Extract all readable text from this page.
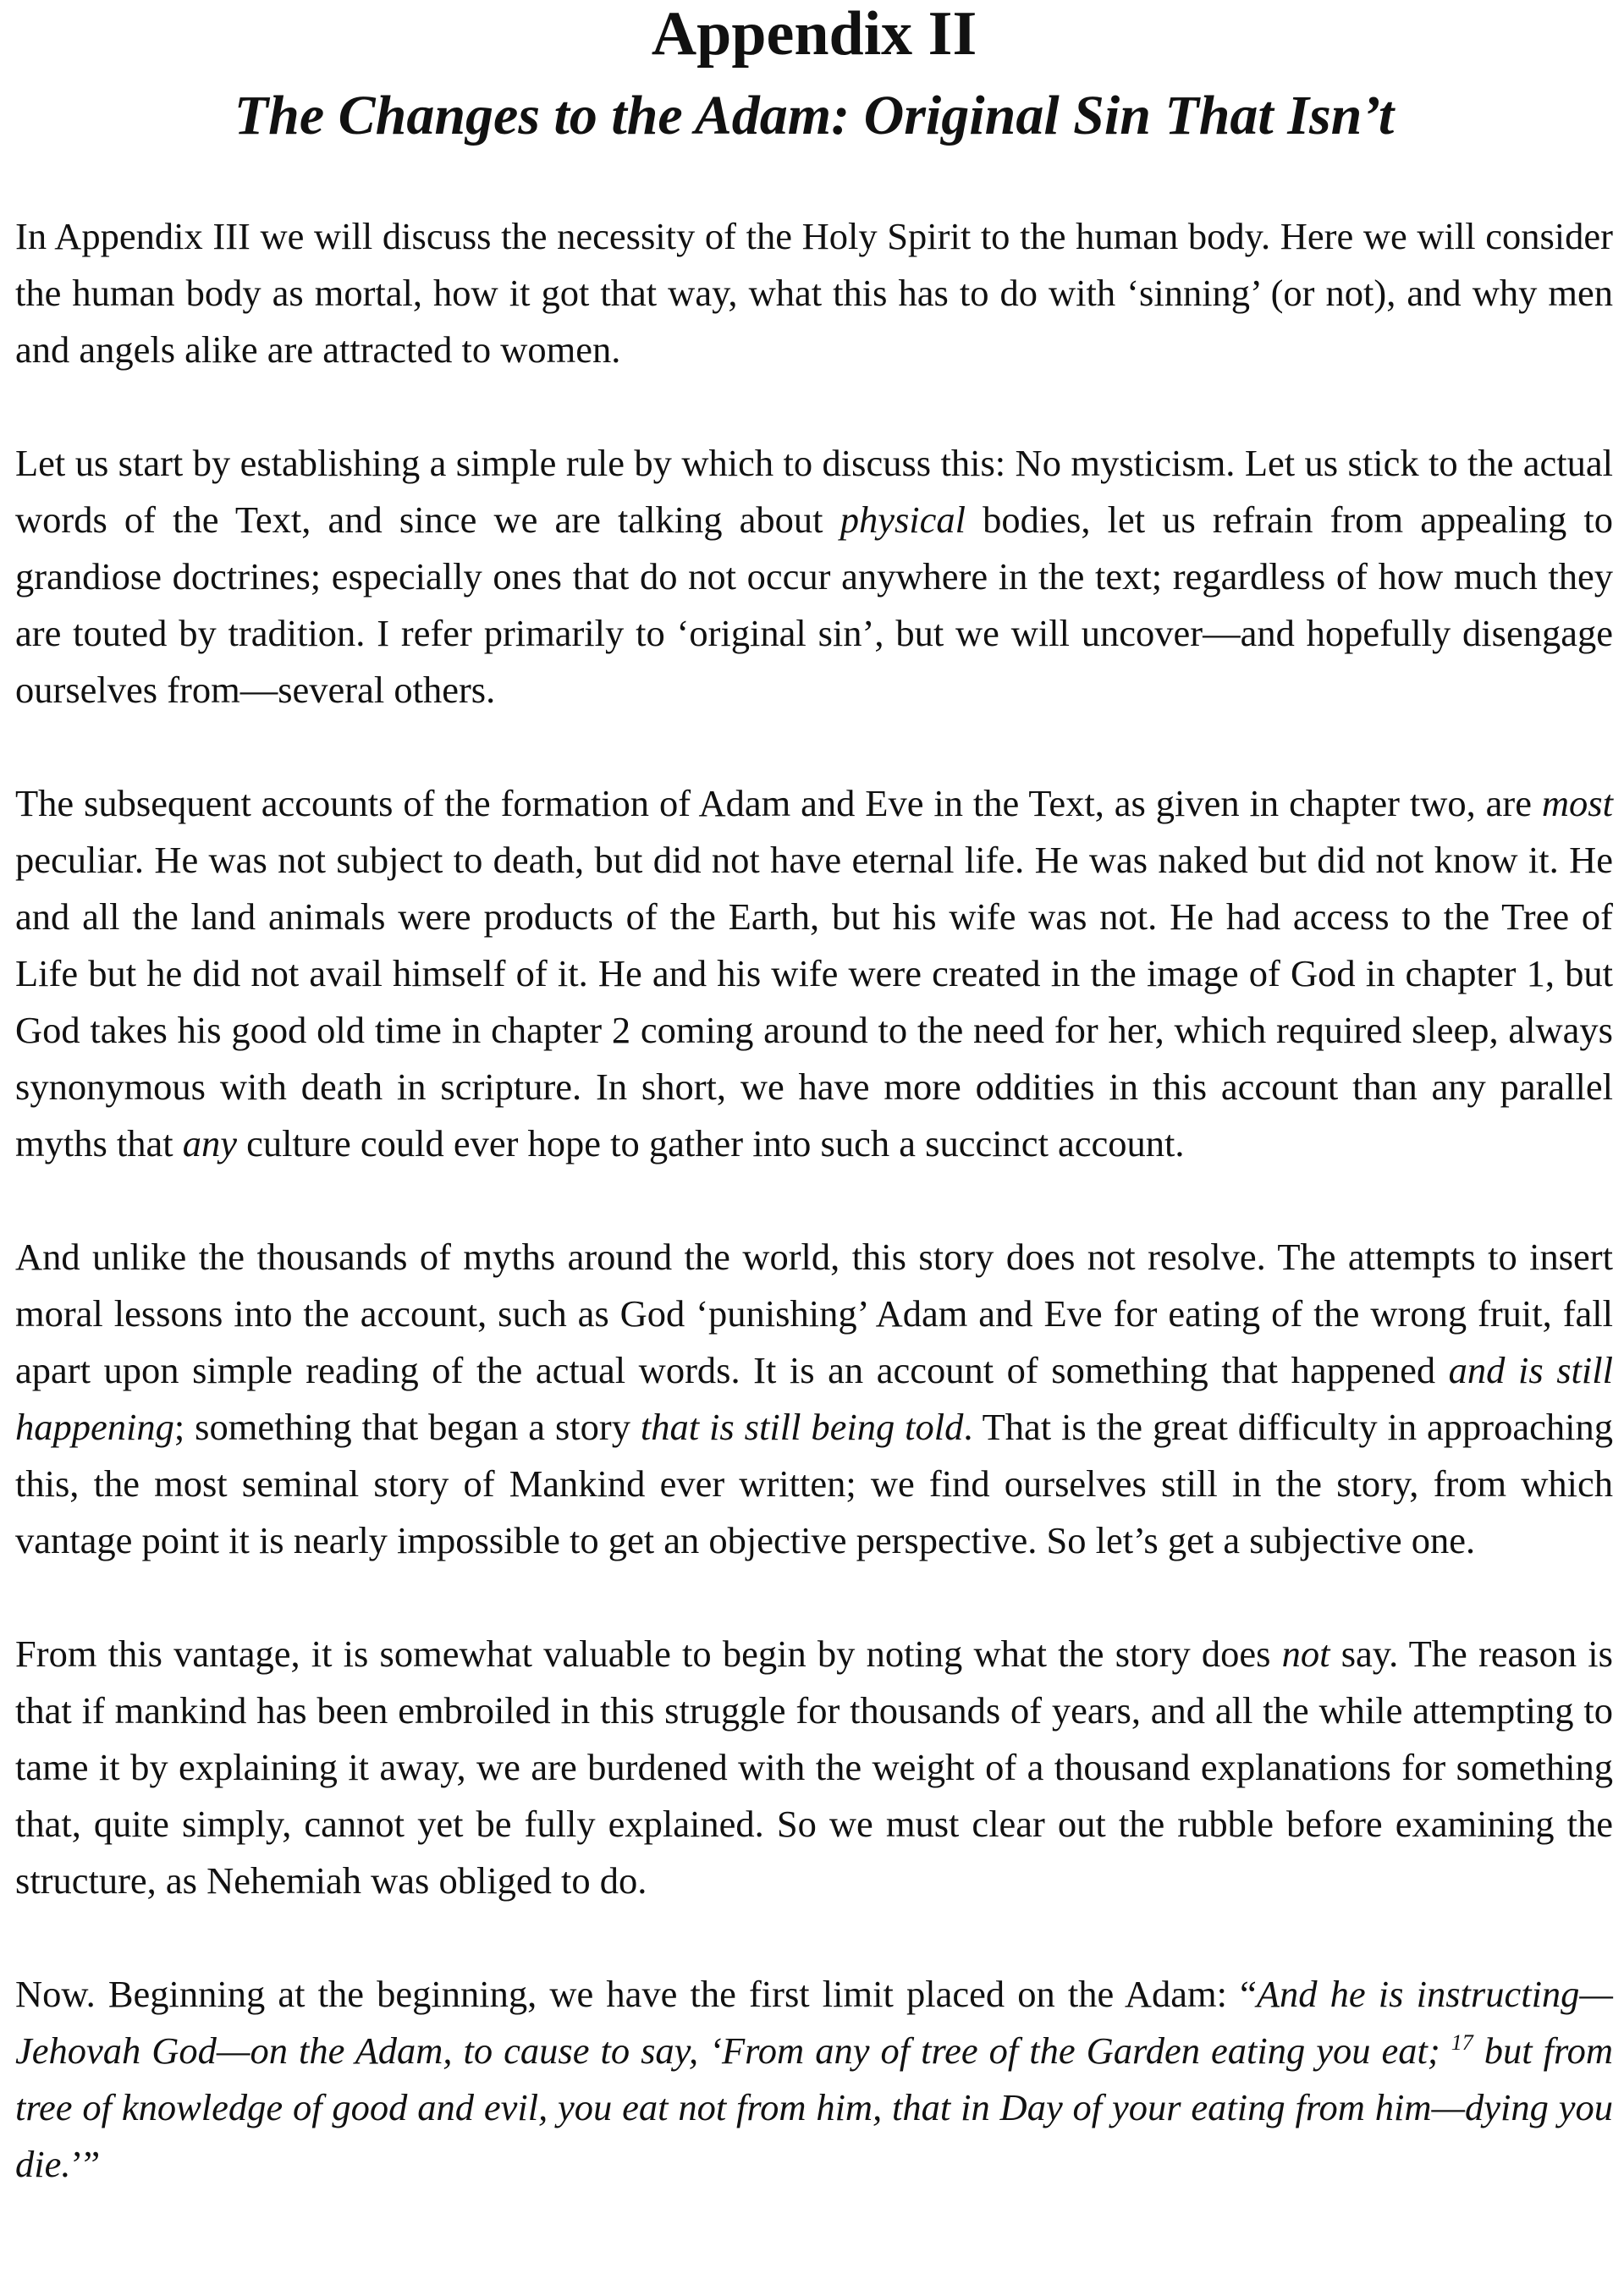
Appendix II
The Changes to the Adam: Original Sin That Isn’t

In Appendix III we will discuss the necessity of the Holy Spirit to the human body. Here we will consider the human body as mortal, how it got that way, what this has to do with ‘sinning’ (or not), and why men and angels alike are attracted to women.

Let us start by establishing a simple rule by which to discuss this: No mysticism. Let us stick to the actual words of the Text, and since we are talking about physical bodies, let us refrain from appealing to grandiose doctrines; especially ones that do not occur anywhere in the text; regardless of how much they are touted by tradition. I refer primarily to ‘original sin’, but we will uncover—and hopefully disengage ourselves from—several others.

The subsequent accounts of the formation of Adam and Eve in the Text, as given in chapter two, are most peculiar. He was not subject to death, but did not have eternal life. He was naked but did not know it. He and all the land animals were products of the Earth, but his wife was not. He had access to the Tree of Life but he did not avail himself of it. He and his wife were created in the image of God in chapter 1, but God takes his good old time in chapter 2 coming around to the need for her, which required sleep, always synonymous with death in scripture. In short, we have more oddities in this account than any parallel myths that any culture could ever hope to gather into such a succinct account.

And unlike the thousands of myths around the world, this story does not resolve. The attempts to insert moral lessons into the account, such as God ‘punishing’ Adam and Eve for eating of the wrong fruit, fall apart upon simple reading of the actual words. It is an account of something that happened and is still happening; something that began a story that is still being told. That is the great difficulty in approaching this, the most seminal story of Mankind ever written; we find ourselves still in the story, from which vantage point it is nearly impossible to get an objective perspective. So let’s get a subjective one.

From this vantage, it is somewhat valuable to begin by noting what the story does not say. The reason is that if mankind has been embroiled in this struggle for thousands of years, and all the while attempting to tame it by explaining it away, we are burdened with the weight of a thousand explanations for something that, quite simply, cannot yet be fully explained. So we must clear out the rubble before examining the structure, as Nehemiah was obliged to do.

Now. Beginning at the beginning, we have the first limit placed on the Adam: “And he is instructing—Jehovah God—on the Adam, to cause to say, ‘From any of tree of the Garden eating you eat; $^{17}$ but from tree of knowledge of good and evil, you eat not from him, that in Day of your eating from him—dying you die.’”
